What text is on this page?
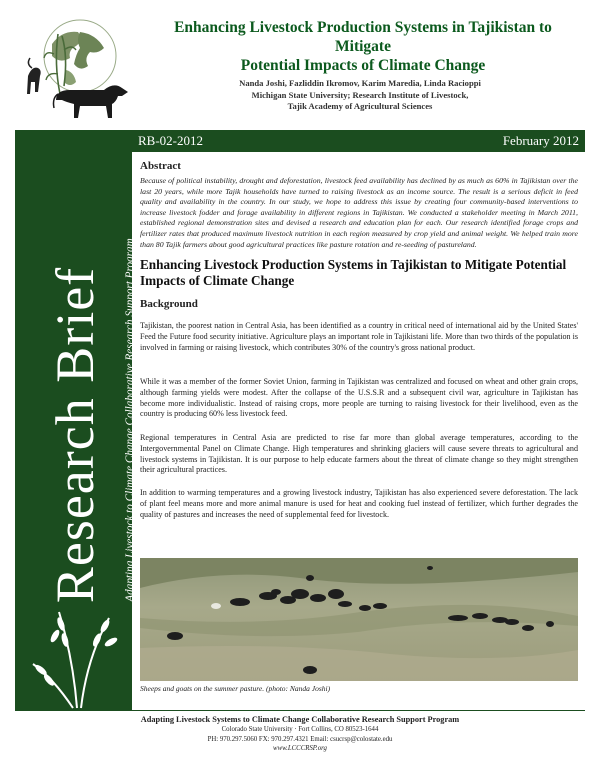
Enhancing Livestock Production Systems in Tajikistan to Mitigate
Potential Impacts of Climate Change
Nanda Joshi, Fazliddin Ikromov, Karim Maredia, Linda Racioppi
Michigan State University; Research Institute of Livestock,
Tajik Academy of Agricultural Sciences
Research Brief	Adapting Livestock to Climate Change Collaborative Research Support Program
RB-02-2012	February 2012

Abstract

Because of political instability, drought and deforestation, livestock feed availability has declined by as much as 60% in Tajikistan over the last 20 years, while more Tajik households have turned to raising livestock as an income source. The result is a serious deficit in feed quality and availability in the country. In our study, we hope to address this issue by creating four community-based interventions to increase livestock fodder and forage availability in different regions in Tajikistan. We conducted a stakeholder meeting in March 2011, established regional demonstration sites and devised a research and education plan for each. Our research identified forage crops and fertilizer rates that produced maximum livestock nutrition in each region measured by crop yield and animal weight. We helped train more than 80 Tajik farmers about good agricultural practices like pasture rotation and re-seeding of pastureland.

Enhancing Livestock Production Systems in Tajikistan to Mitigate Potential Impacts of Climate Change
Background

Tajikistan, the poorest nation in Central Asia, has been identified as a country in critical need of international aid by the United States' Feed the Future food security initiative. Agriculture plays an important role in Tajikistani life. More than two thirds of the population is involved in farming or raising livestock, which contributes 30% of the country's gross national product.

While it was a member of the former Soviet Union, farming in Tajikistan was centralized and focused on wheat and other grain crops, although farming yields were modest. After the collapse of the U.S.S.R and a subsequent civil war, agriculture in Tajikistan has become more individualistic. Instead of raising crops, more people are turning to raising livestock for their livelihood, even as the country is producing 60% less livestock feed.

Regional temperatures in Central Asia are predicted to rise far more than global average temperatures, according to the Intergovernmental Panel on Climate Change. High temperatures and shrinking glaciers will cause severe threats to agricultural and livestock systems in Tajikistan. It is our purpose to help educate farmers about the threat of climate change so they might strengthen their agricultural practices.

In addition to warming temperatures and a growing livestock industry, Tajikistan has also experienced severe deforestation. The lack of plant feel means more and more animal manure is used for heat and cooking fuel instead of fertilizer, which further degrades the quality of pastures and increases the need of supplemental feed for livestock.

Sheeps and goats on the summer pasture. (photo: Nanda Joshi)
Adapting Livestock Systems to Climate Change Collaborative Research Support Program
Colorado State University · Fort Collins, CO 80523-1644
PH: 970.297.5060 FX: 970.297.4321 Email: csucrsp@colostate.edu
www.LCCCRSP.org
